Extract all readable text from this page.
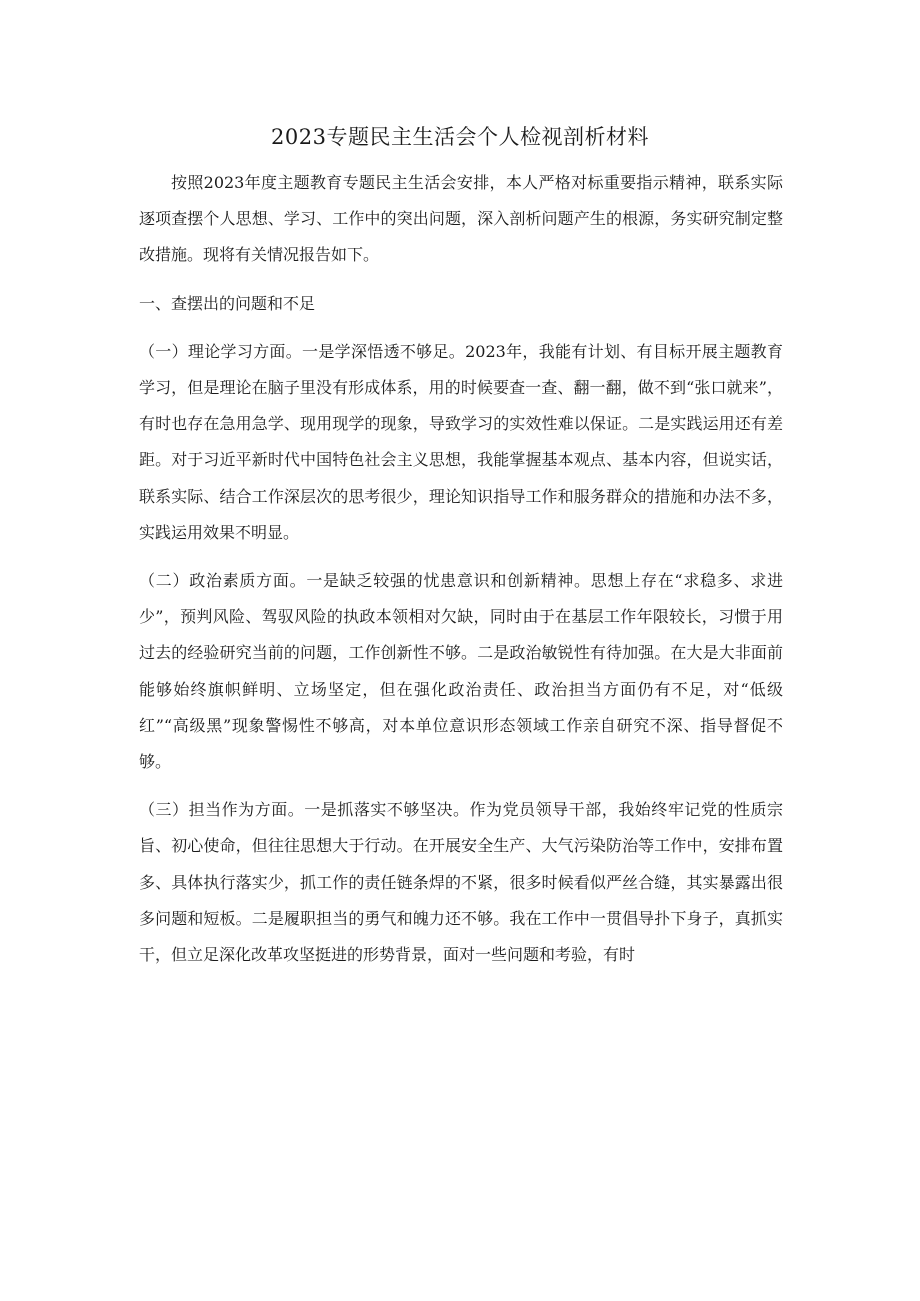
2023专题民主生活会个人检视剖析材料

按照2023年度主题教育专题民主生活会安排，本人严格对标重要指示精神，联系实际逐项查摆个人思想、学习、工作中的突出问题，深入剖析问题产生的根源，务实研究制定整改措施。现将有关情况报告如下。

一、查摆出的问题和不足

（一）理论学习方面。一是学深悟透不够足。2023年，我能有计划、有目标开展主题教育学习，但是理论在脑子里没有形成体系，用的时候要查一查、翻一翻，做不到“张口就来”，有时也存在急用急学、现用现学的现象，导致学习的实效性难以保证。二是实践运用还有差距。对于习近平新时代中国特色社会主义思想，我能掌握基本观点、基本内容，但说实话，联系实际、结合工作深层次的思考很少，理论知识指导工作和服务群众的措施和办法不多，实践运用效果不明显。

（二）政治素质方面。一是缺乏较强的忧患意识和创新精神。思想上存在“求稳多、求进少”，预判风险、驾驭风险的执政本领相对欠缺，同时由于在基层工作年限较长，习惯于用过去的经验研究当前的问题，工作创新性不够。二是政治敏锐性有待加强。在大是大非面前能够始终旗帜鲜明、立场坚定，但在强化政治责任、政治担当方面仍有不足，对“低级红”“高级黑”现象警惕性不够高，对本单位意识形态领域工作亲自研究不深、指导督促不够。

（三）担当作为方面。一是抓落实不够坚决。作为党员领导干部，我始终牢记党的性质宗旨、初心使命，但往往思想大于行动。在开展安全生产、大气污染防治等工作中，安排布置多、具体执行落实少，抓工作的责任链条焊的不紧，很多时候看似严丝合缝，其实暴露出很多问题和短板。二是履职担当的勇气和魄力还不够。我在工作中一贯倡导扑下身子，真抓实干，但立足深化改革攻坚挺进的形势背景，面对一些问题和考验，有时
